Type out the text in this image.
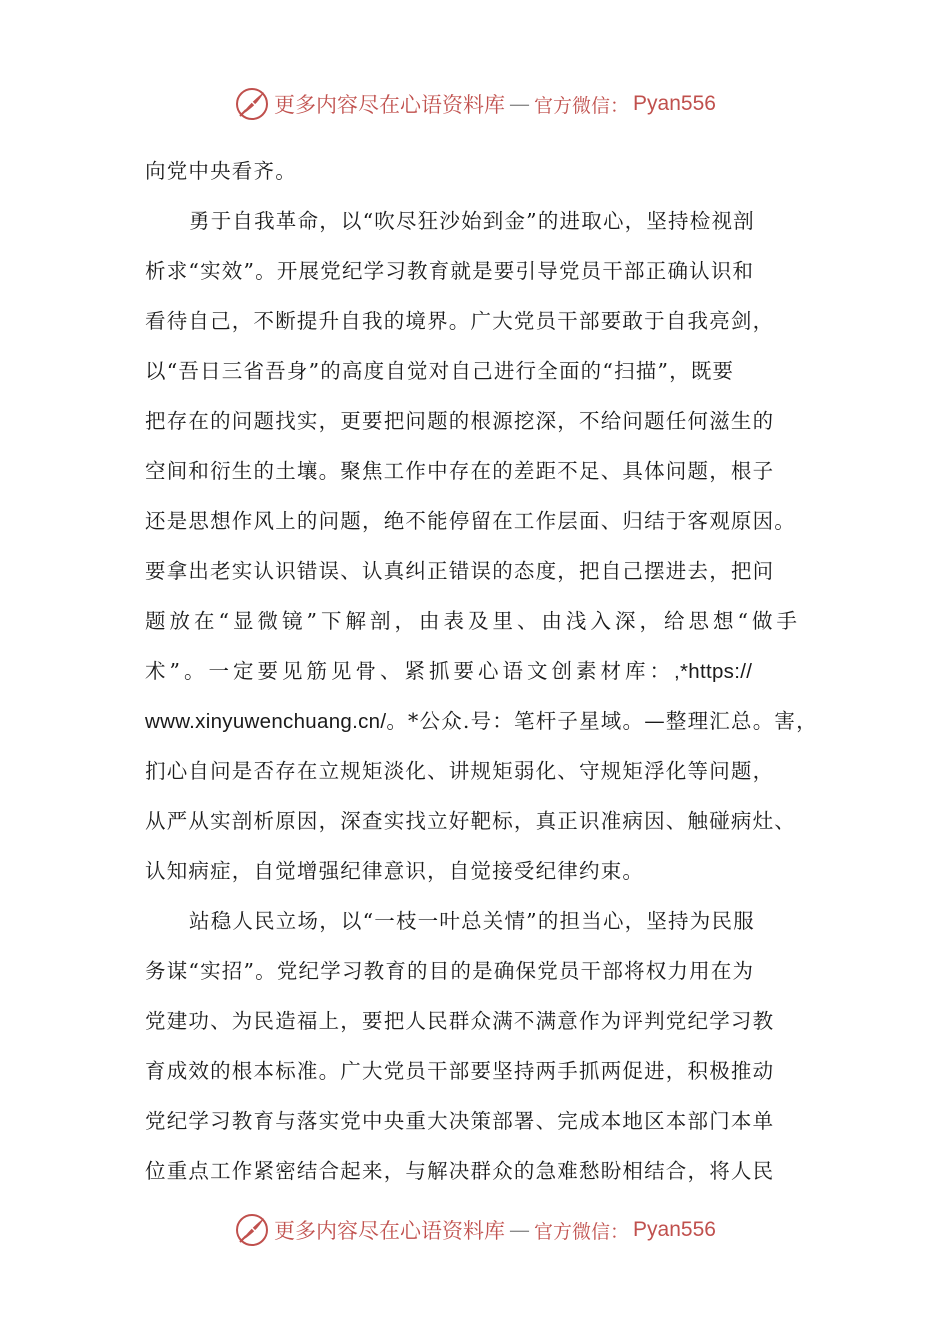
更多内容尽在心语资料库 — 官方微信： Pyan556
向党中央看齐。
勇于自我革命，以“吹尽狂沙始到金”的进取心，坚持检视剖
析求“实效”。开展党纪学习教育就是要引导党员干部正确认识和
看待自己，不断提升自我的境界。广大党员干部要敢于自我亮剑，
以“吾日三省吾身”的高度自觉对自己进行全面的“扫描”，既要
把存在的问题找实，更要把问题的根源挖深，不给问题任何滋生的
空间和衍生的土壤。聚焦工作中存在的差距不足、具体问题，根子
还是思想作风上的问题，绝不能停留在工作层面、归结于客观原因。
要拿出老实认识错误、认真纠正错误的态度，把自己摆进去，把问
题放在“显微镜”下解剖，由表及里、由浅入深，给思想“做手
术”。一定要见筋见骨、紧抓要心语文创素材库：,*https://
www.xinyuwenchuang.cn/。*公众.号：笔杆子星域。—整理汇总。害，
扪心自问是否存在立规矩淡化、讲规矩弱化、守规矩浮化等问题，
从严从实剖析原因，深查实找立好靶标，真正识准病因、触碰病灶、
认知病症，自觉增强纪律意识，自觉接受纪律约束。
站稳人民立场，以“一枝一叶总关情”的担当心，坚持为民服
务谋“实招”。党纪学习教育的目的是确保党员干部将权力用在为
党建功、为民造福上，要把人民群众满不满意作为评判党纪学习教
育成效的根本标准。广大党员干部要坚持两手抓两促进，积极推动
党纪学习教育与落实党中央重大决策部署、完成本地区本部门本单
位重点工作紧密结合起来，与解决群众的急难愁盼相结合，将人民
更多内容尽在心语资料库 — 官方微信： Pyan556
